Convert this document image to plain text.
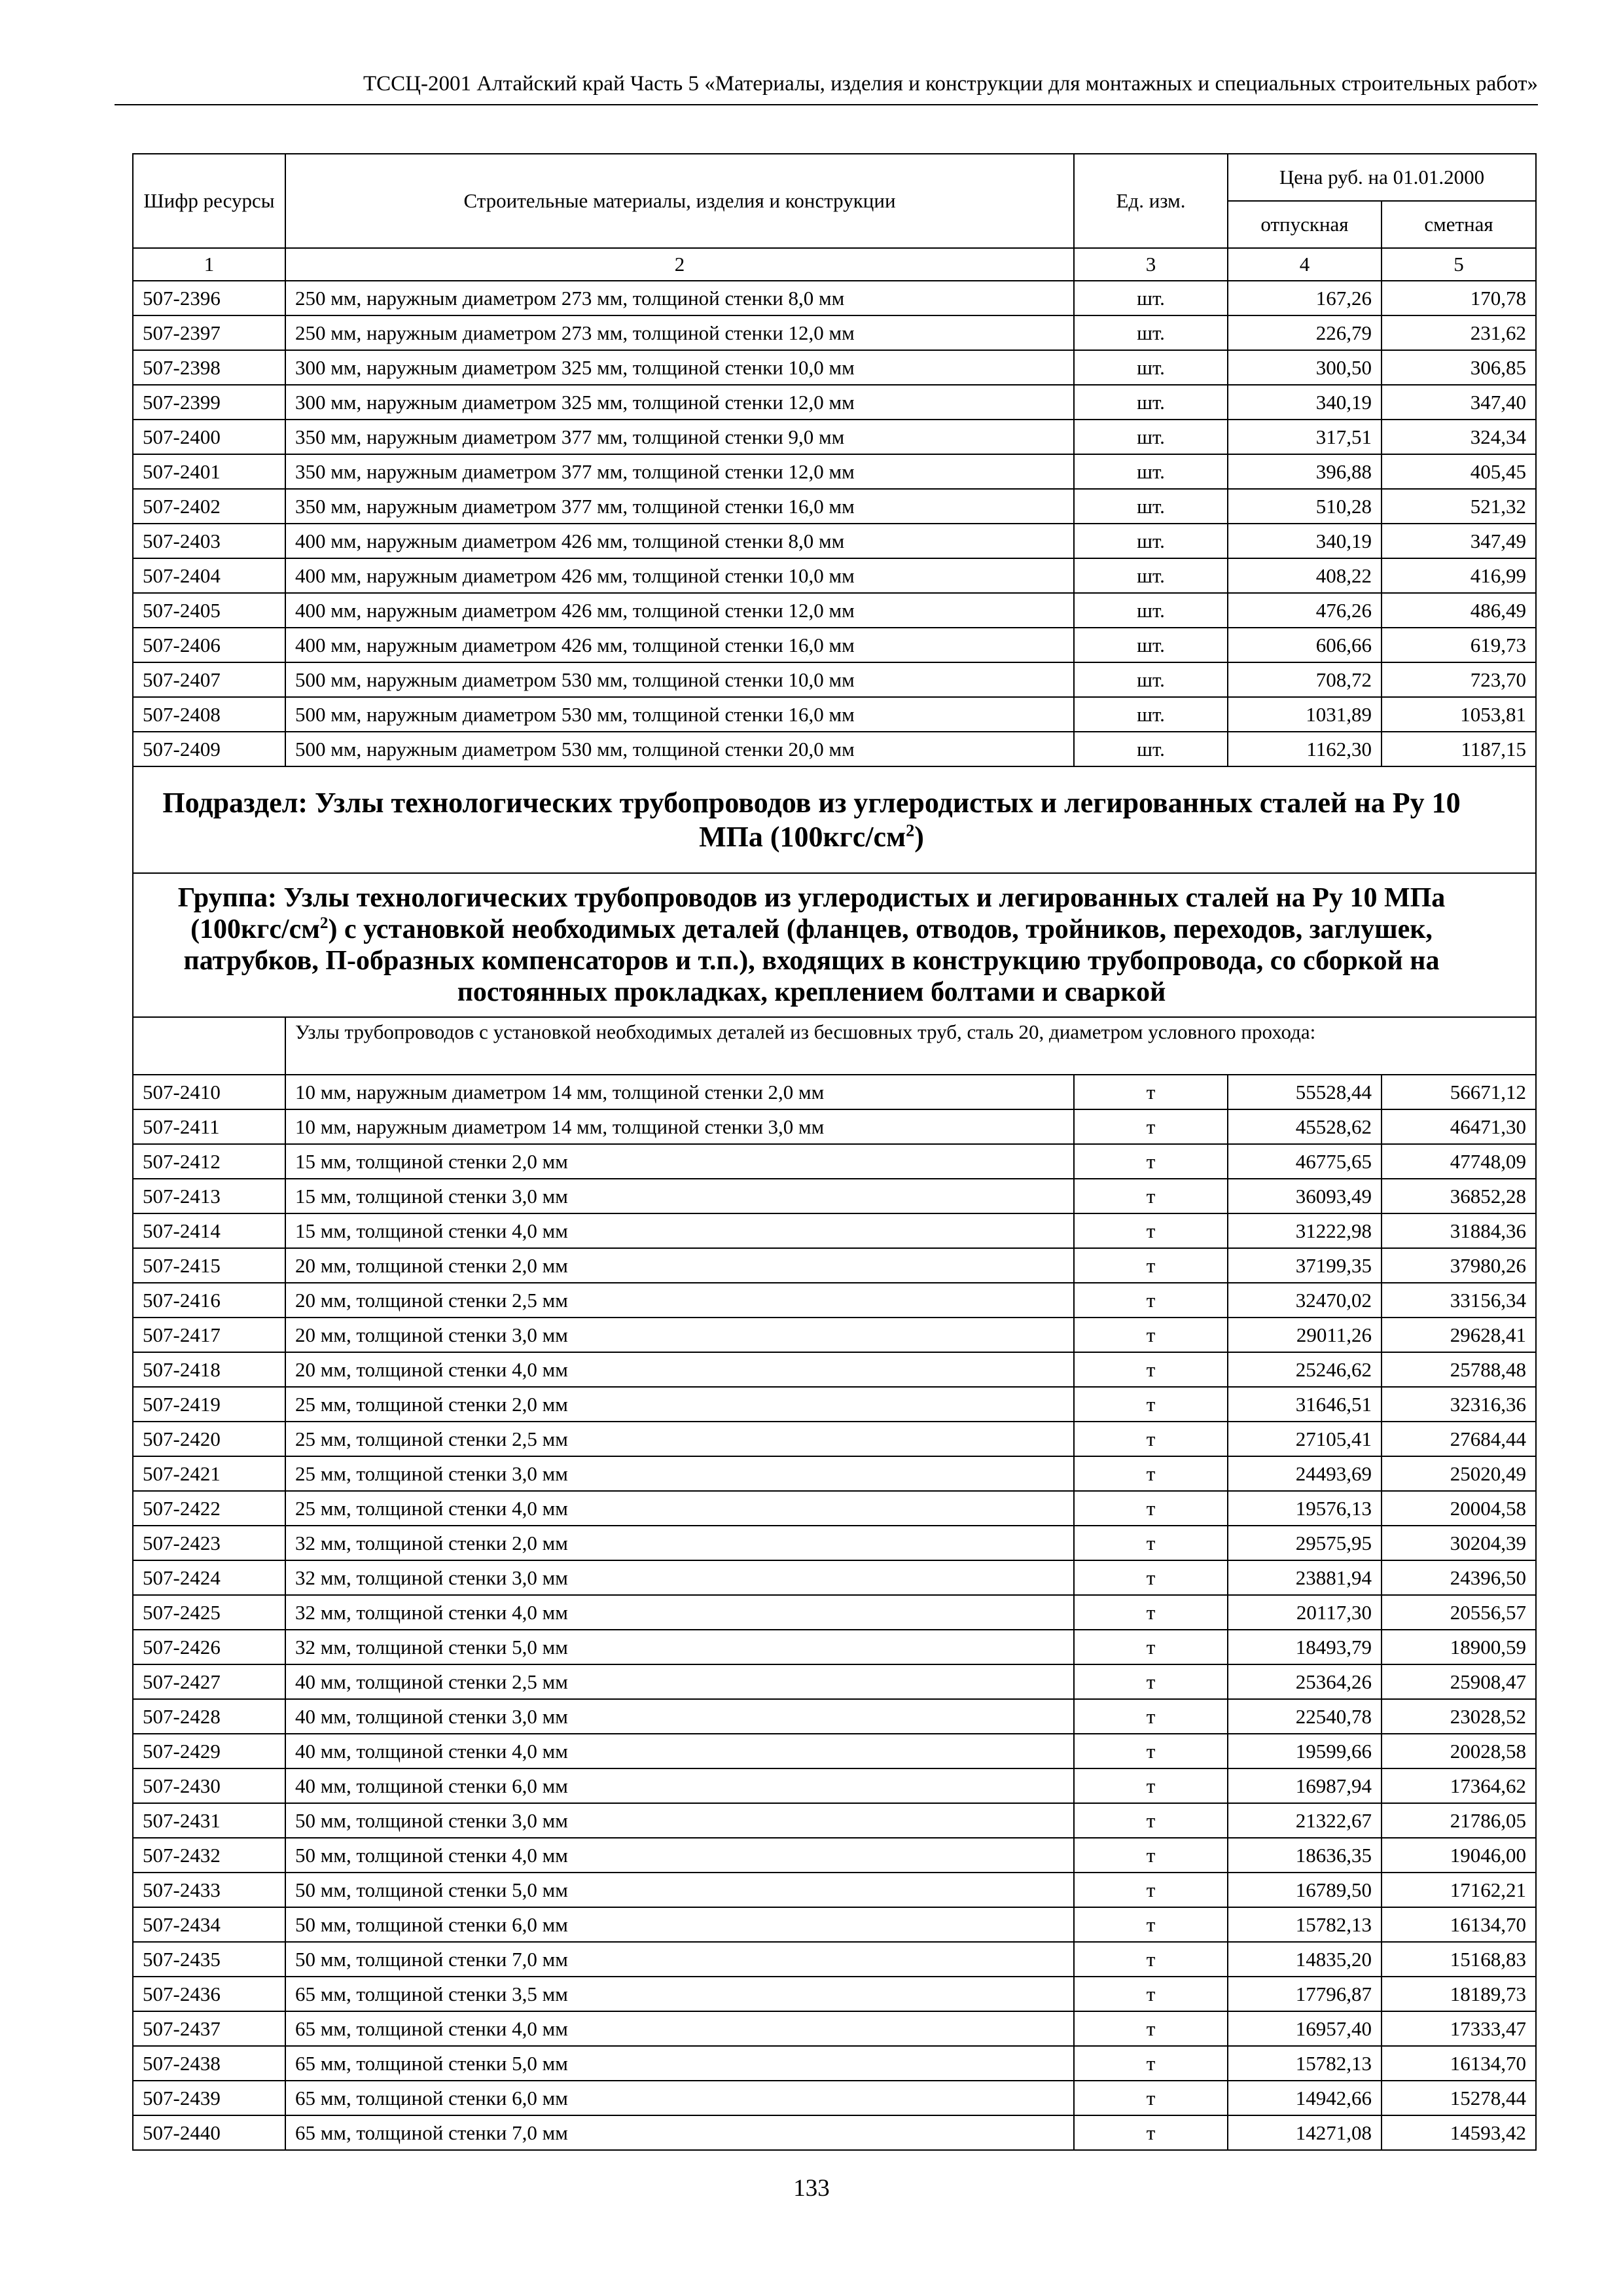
ТССЦ-2001 Алтайский край Часть 5 «Материалы, изделия и конструкции для монтажных и специальных строительных работ»
Шифр ресурсы	Строительные материалы, изделия и конструкции	Ед. изм.	Цена руб. на 01.01.2000	
			отпускная	сметная
1	2	3	4	5
507-2396	250 мм, наружным диаметром 273 мм, толщиной стенки 8,0 мм	шт.	167,26	170,78
507-2397	250 мм, наружным диаметром 273 мм, толщиной стенки 12,0 мм	шт.	226,79	231,62
507-2398	300 мм, наружным диаметром 325 мм, толщиной стенки 10,0 мм	шт.	300,50	306,85
507-2399	300 мм, наружным диаметром 325 мм, толщиной стенки 12,0 мм	шт.	340,19	347,40
507-2400	350 мм, наружным диаметром 377 мм, толщиной стенки 9,0 мм	шт.	317,51	324,34
507-2401	350 мм, наружным диаметром 377 мм, толщиной стенки 12,0 мм	шт.	396,88	405,45
507-2402	350 мм, наружным диаметром 377 мм, толщиной стенки 16,0 мм	шт.	510,28	521,32
507-2403	400 мм, наружным диаметром 426 мм, толщиной стенки 8,0 мм	шт.	340,19	347,49
507-2404	400 мм, наружным диаметром 426 мм, толщиной стенки 10,0 мм	шт.	408,22	416,99
507-2405	400 мм, наружным диаметром 426 мм, толщиной стенки 12,0 мм	шт.	476,26	486,49
507-2406	400 мм, наружным диаметром 426 мм, толщиной стенки 16,0 мм	шт.	606,66	619,73
507-2407	500 мм, наружным диаметром 530 мм, толщиной стенки 10,0 мм	шт.	708,72	723,70
507-2408	500 мм, наружным диаметром 530 мм, толщиной стенки 16,0 мм	шт.	1031,89	1053,81
507-2409	500 мм, наружным диаметром 530 мм, толщиной стенки 20,0 мм	шт.	1162,30	1187,15
Подраздел: Узлы технологических трубопроводов из углеродистых и легированных сталей на Ру 10 МПа $(100кгс/см^2)$				
Группа: Узлы технологических трубопроводов из углеродистых и легированных сталей на Ру 10 МПа $(100кгс/см^2)$ с установкой необходимых деталей (фланцев, отводов, тройников, переходов, заглушек, патрубков, П-образных компенсаторов и т.п.), входящих в конструкцию трубопровода, со сборкой на постоянных прокладках, креплением болтами и сваркой				
	Узлы трубопроводов с установкой необходимых деталей из бесшовных труб, сталь 20, диаметром условного прохода:			
507-2410	10 мм, наружным диаметром 14 мм, толщиной стенки 2,0 мм	т	55528,44	56671,12
507-2411	10 мм, наружным диаметром 14 мм, толщиной стенки 3,0 мм	т	45528,62	46471,30
507-2412	15 мм, толщиной стенки 2,0 мм	т	46775,65	47748,09
507-2413	15 мм, толщиной стенки 3,0 мм	т	36093,49	36852,28
507-2414	15 мм, толщиной стенки 4,0 мм	т	31222,98	31884,36
507-2415	20 мм, толщиной стенки 2,0 мм	т	37199,35	37980,26
507-2416	20 мм, толщиной стенки 2,5 мм	т	32470,02	33156,34
507-2417	20 мм, толщиной стенки 3,0 мм	т	29011,26	29628,41
507-2418	20 мм, толщиной стенки 4,0 мм	т	25246,62	25788,48
507-2419	25 мм, толщиной стенки 2,0 мм	т	31646,51	32316,36
507-2420	25 мм, толщиной стенки 2,5 мм	т	27105,41	27684,44
507-2421	25 мм, толщиной стенки 3,0 мм	т	24493,69	25020,49
507-2422	25 мм, толщиной стенки 4,0 мм	т	19576,13	20004,58
507-2423	32 мм, толщиной стенки 2,0 мм	т	29575,95	30204,39
507-2424	32 мм, толщиной стенки 3,0 мм	т	23881,94	24396,50
507-2425	32 мм, толщиной стенки 4,0 мм	т	20117,30	20556,57
507-2426	32 мм, толщиной стенки 5,0 мм	т	18493,79	18900,59
507-2427	40 мм, толщиной стенки 2,5 мм	т	25364,26	25908,47
507-2428	40 мм, толщиной стенки 3,0 мм	т	22540,78	23028,52
507-2429	40 мм, толщиной стенки 4,0 мм	т	19599,66	20028,58
507-2430	40 мм, толщиной стенки 6,0 мм	т	16987,94	17364,62
507-2431	50 мм, толщиной стенки 3,0 мм	т	21322,67	21786,05
507-2432	50 мм, толщиной стенки 4,0 мм	т	18636,35	19046,00
507-2433	50 мм, толщиной стенки 5,0 мм	т	16789,50	17162,21
507-2434	50 мм, толщиной стенки 6,0 мм	т	15782,13	16134,70
507-2435	50 мм, толщиной стенки 7,0 мм	т	14835,20	15168,83
507-2436	65 мм, толщиной стенки 3,5 мм	т	17796,87	18189,73
507-2437	65 мм, толщиной стенки 4,0 мм	т	16957,40	17333,47
507-2438	65 мм, толщиной стенки 5,0 мм	т	15782,13	16134,70
507-2439	65 мм, толщиной стенки 6,0 мм	т	14942,66	15278,44
507-2440	65 мм, толщиной стенки 7,0 мм	т	14271,08	14593,42
133
